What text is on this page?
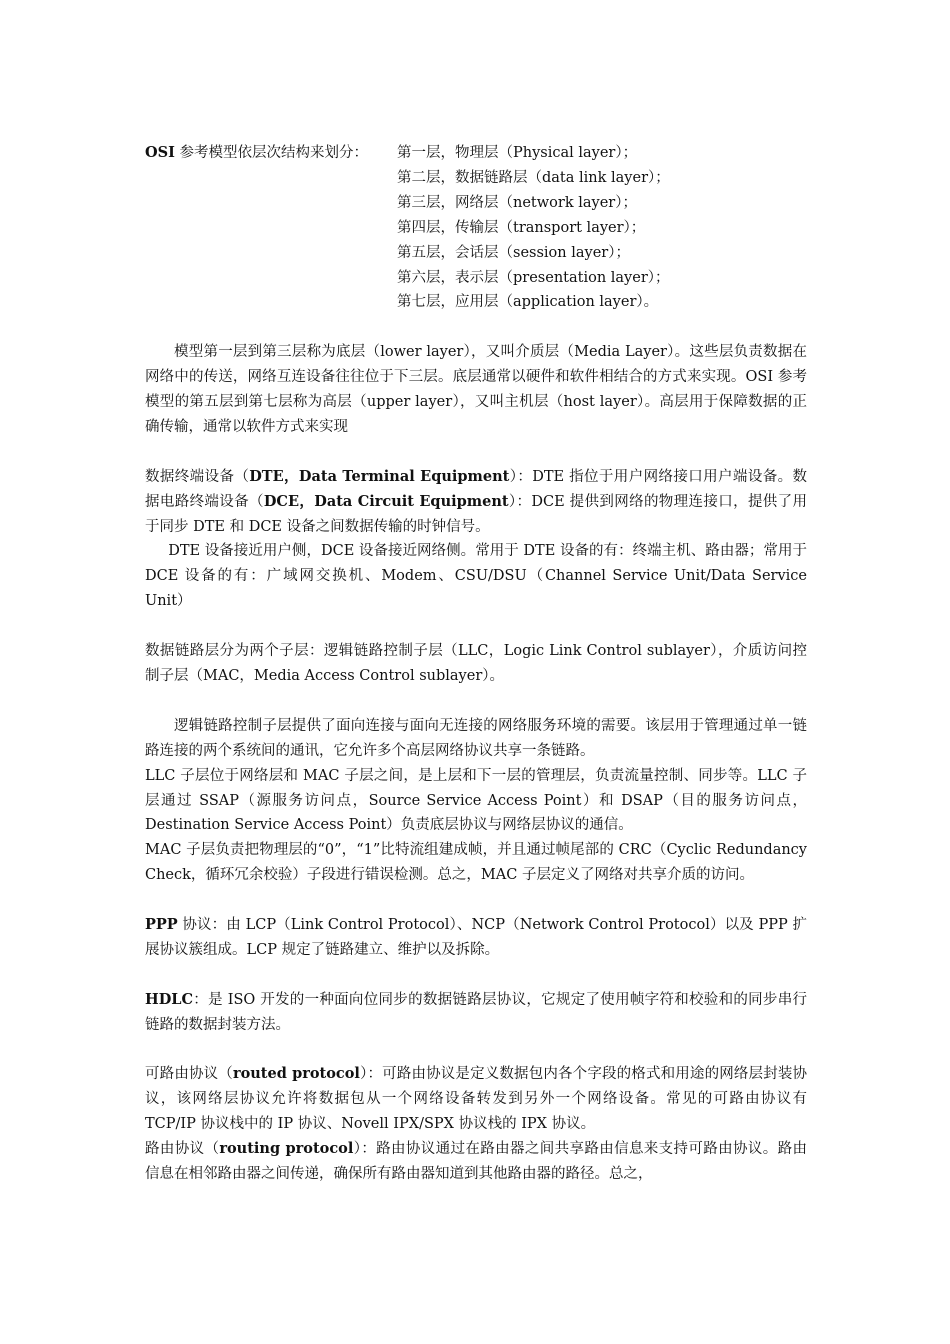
OSI 参考模型依层次结构来划分：	第一层，物理层（Physical layer）；
第二层，数据链路层（data link layer）；
第三层，网络层（network layer）；
第四层，传输层（transport layer）；
第五层，会话层（session layer）；
第六层，表示层（presentation layer）；
第七层，应用层（application layer）。

模型第一层到第三层称为底层（lower layer），又叫介质层（Media Layer）。这些层负责数据在网络中的传送，网络互连设备往往位于下三层。底层通常以硬件和软件相结合的方式来实现。OSI 参考模型的第五层到第七层称为高层（upper layer），又叫主机层（host layer）。高层用于保障数据的正确传输，通常以软件方式来实现

数据终端设备（DTE，Data Terminal Equipment）：DTE 指位于用户网络接口用户端设备。数据电路终端设备（DCE，Data Circuit Equipment）：DCE 提供到网络的物理连接口，提供了用于同步 DTE 和 DCE 设备之间数据传输的时钟信号。

DTE 设备接近用户侧，DCE 设备接近网络侧。常用于 DTE 设备的有：终端主机、路由器；常用于 DCE 设备的有：广域网交换机、Modem、CSU/DSU（Channel Service Unit/Data Service Unit）

数据链路层分为两个子层：逻辑链路控制子层（LLC，Logic Link Control sublayer），介质访问控制子层（MAC，Media Access Control sublayer）。

逻辑链路控制子层提供了面向连接与面向无连接的网络服务环境的需要。该层用于管理通过单一链路连接的两个系统间的通讯，它允许多个高层网络协议共享一条链路。

LLC 子层位于网络层和 MAC 子层之间，是上层和下一层的管理层，负责流量控制、同步等。LLC 子层通过 SSAP（源服务访问点，Source Service Access Point）和 DSAP（目的服务访问点，Destination Service Access Point）负责底层协议与网络层协议的通信。

MAC 子层负责把物理层的“0”，“1”比特流组建成帧，并且通过帧尾部的 CRC（Cyclic Redundancy Check，循环冗余校验）子段进行错误检测。总之，MAC 子层定义了网络对共享介质的访问。

PPP 协议：由 LCP（Link Control Protocol）、NCP（Network Control Protocol）以及 PPP 扩展协议簇组成。LCP 规定了链路建立、维护以及拆除。

HDLC：是 ISO 开发的一种面向位同步的数据链路层协议，它规定了使用帧字符和校验和的同步串行链路的数据封装方法。

可路由协议（routed protocol）：可路由协议是定义数据包内各个字段的格式和用途的网络层封装协议，该网络层协议允许将数据包从一个网络设备转发到另外一个网络设备。常见的可路由协议有 TCP/IP 协议栈中的 IP 协议、Novell IPX/SPX 协议栈的 IPX 协议。

路由协议（routing protocol）：路由协议通过在路由器之间共享路由信息来支持可路由协议。路由信息在相邻路由器之间传递，确保所有路由器知道到其他路由器的路径。总之，
